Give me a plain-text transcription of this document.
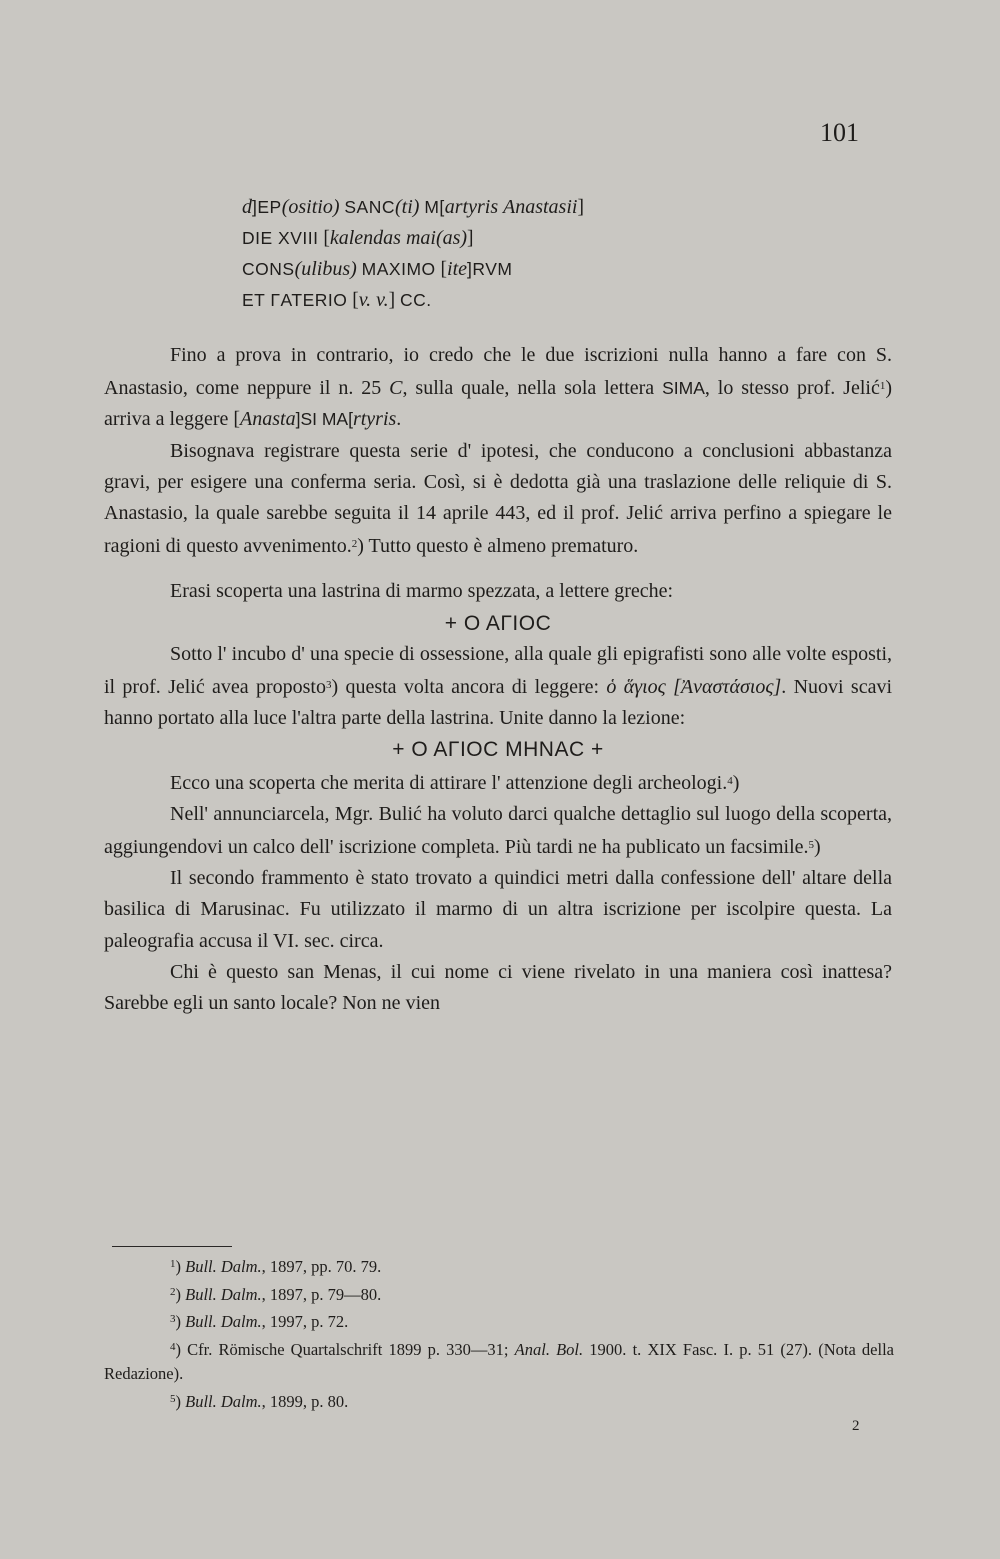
101
d]EP(ositio) SANC(ti) M[artyris Anastasii]
DIE XVIII [kalendas mai(as)]
CONS(ulibus) MAXIMO [ite]RVM
ET ΓATERIO [v. v.] CC.

Fino a prova in contrario, io credo che le due iscrizioni nulla hanno a fare con S. Anastasio, come neppure il n. 25 C, sulla quale, nella sola lettera SIMA, lo stesso prof. Jelić$^1$) arriva a leggere [Anasta]SI MA[rtyris.

Bisognava registrare questa serie d' ipotesi, che conducono a conclusioni abbastanza gravi, per esigere una conferma seria. Così, si è dedotta già una traslazione delle reliquie di S. Anastasio, la quale sarebbe seguita il 14 aprile 443, ed il prof. Jelić arriva perfino a spiegare le ragioni di questo avvenimento.$^2$) Tutto questo è almeno prematuro.

Erasi scoperta una lastrina di marmo spezzata, a lettere greche:

+ Ο ΑΓΙΟϹ

Sotto l' incubo d' una specie di ossessione, alla quale gli epigrafisti sono alle volte esposti, il prof. Jelić avea proposto$^3$) questa volta ancora di leggere: ὁ ἅγιος [Ἀναστάσιος]. Nuovi scavi hanno portato alla luce l'altra parte della lastrina. Unite danno la lezione:

+ Ο ΑΓΙΟϹ ΜΗΝΑϹ +

Ecco una scoperta che merita di attirare l' attenzione degli archeologi.$^4$)

Nell' annunciarcela, Mgr. Bulić ha voluto darci qualche dettaglio sul luogo della scoperta, aggiungendovi un calco dell' iscrizione completa. Più tardi ne ha publicato un facsimile.$^5$)

Il secondo frammento è stato trovato a quindici metri dalla confessione dell' altare della basilica di Marusinac. Fu utilizzato il marmo di un altra iscrizione per iscolpire questa. La paleografia accusa il VI. sec. circa.

Chi è questo san Menas, il cui nome ci viene rivelato in una maniera così inattesa? Sarebbe egli un santo locale? Non ne vien

$^1$) Bull. Dalm., 1897, pp. 70. 79.

$^2$) Bull. Dalm., 1897, p. 79—80.

$^3$) Bull. Dalm., 1997, p. 72.

$^4$) Cfr. Römische Quartalschrift 1899 p. 330—31; Anal. Bol. 1900. t. XIX Fasc. I. p. 51 (27). (Nota della Redazione).

$^5$) Bull. Dalm., 1899, p. 80.

2
